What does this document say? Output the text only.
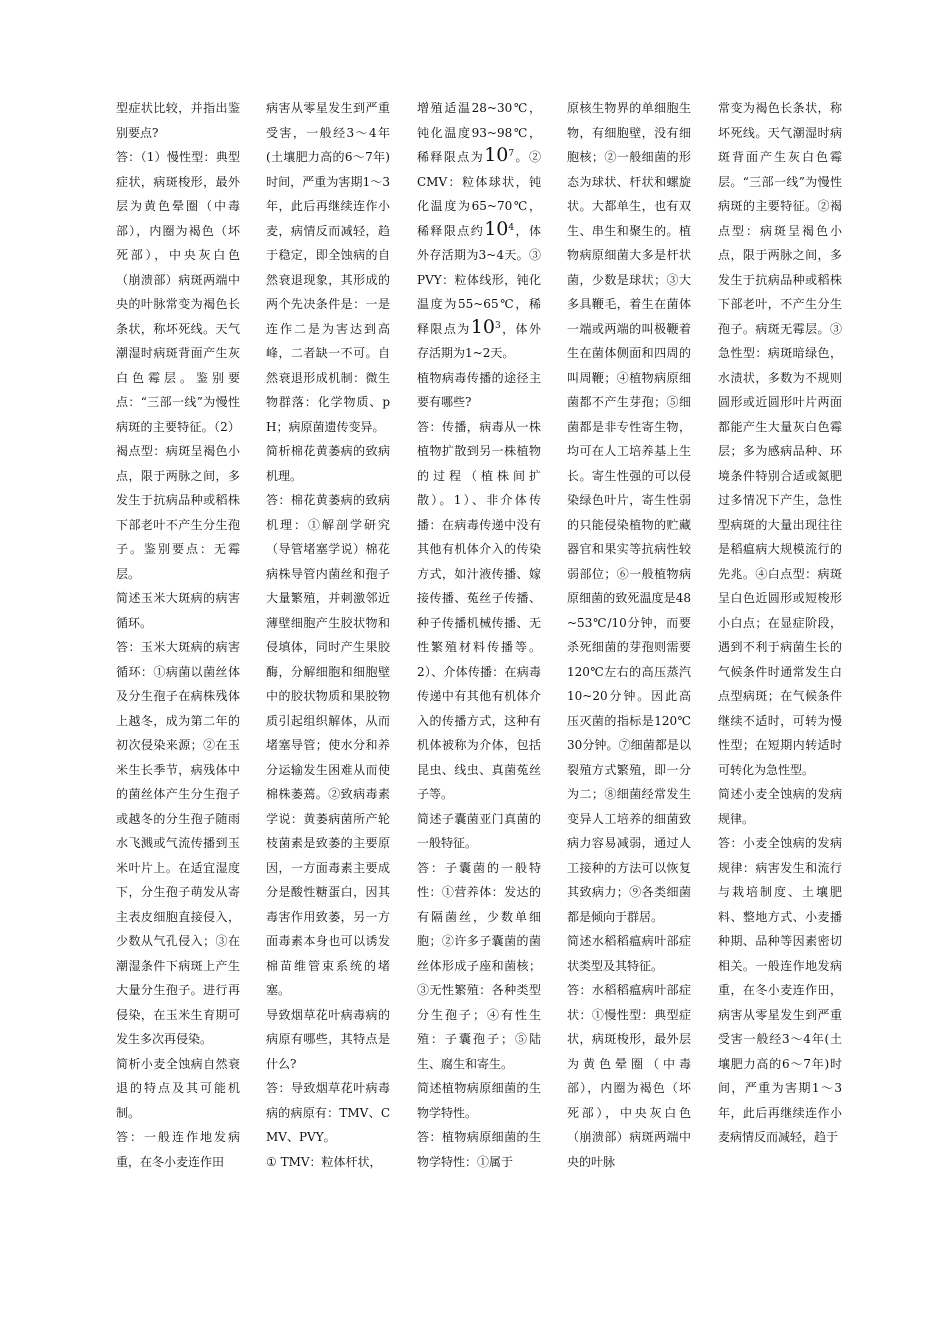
型症状比较，并指出鉴别要点?

答：（1）慢性型：典型症状，病斑梭形，最外层为黄色晕圈（中毒部），内圈为褐色（坏死部），中央灰白色（崩溃部）病斑两端中央的叶脉常变为褐色长条状，称坏死线。天气潮湿时病斑背面产生灰白色霉层。鉴别要点：“三部一线”为慢性病斑的主要特征。（2）褐点型：病斑呈褐色小点，限于两脉之间，多发生于抗病品种或稻株下部老叶不产生分生孢子。鉴别要点：无霉层。

简述玉米大斑病的病害循环。

答：玉米大斑病的病害循环：①病菌以菌丝体及分生孢子在病株残体上越冬，成为第二年的初次侵染来源；②在玉米生长季节，病残体中的菌丝体产生分生孢子或越冬的分生孢子随雨水飞溅或气流传播到玉米叶片上。在适宜湿度下，分生孢子萌发从寄主表皮细胞直接侵入，少数从气孔侵入；③在潮湿条件下病斑上产生大量分生孢子。进行再侵染，在玉米生育期可发生多次再侵染。

简析小麦全蚀病自然衰退的特点及其可能机制。

答：一般连作地发病重，在冬小麦连作田

病害从零星发生到严重受害，一般经3～4年(土壤肥力高的6～7年)时间，严重为害期1～3年，此后再继续连作小麦，病情反而减轻，趋于稳定，即全蚀病的自然衰退现象，其形成的两个先决条件是：一是连作二是为害达到高峰，二者缺一不可。自然衰退形成机制：微生物群落：化学物质、pH；病原菌遗传变异。

简析棉花黄萎病的致病机理。

答：棉花黄萎病的致病机理：①解剖学研究（导管堵塞学说）棉花病株导管内菌丝和孢子大量繁殖，并刺激邻近薄壁细胞产生胶状物和侵填体，同时产生果胶酶，分解细胞和细胞壁中的胶状物质和果胶物质引起组织解体，从而堵塞导管；使水分和养分运输发生困难从而使棉株萎蔫。②致病毒素学说：黄萎病菌所产轮枝菌素是致萎的主要原因，一方面毒素主要成分是酸性糖蛋白，因其毒害作用致萎，另一方面毒素本身也可以诱发棉苗维管束系统的堵塞。

导致烟草花叶病毒病的病原有哪些，其特点是什么?

答：导致烟草花叶病毒病的病原有：TMV、CMV、PVY。

① TMV：粒体杆状，

增殖适温28~30℃，钝化温度93~98℃，稀释限点为$10^7$。② CMV：粒体球状，钝化温度为65~70℃，稀释限点约$10^4$，体外存活期为3~4天。③ PVY：粒体线形，钝化温度为55~65℃，稀释限点为$10^3$，体外存活期为1~2天。

植物病毒传播的途径主要有哪些?

答：传播，病毒从一株植物扩散到另一株植物的过程（植株间扩散）。1）、非介体传播：在病毒传递中没有其他有机体介入的传染方式，如汁液传播、嫁接传播、菟丝子传播、种子传播机械传播、无性繁殖材料传播等。2）、介体传播：在病毒传递中有其他有机体介入的传播方式，这种有机体被称为介体，包括昆虫、线虫、真菌菟丝子等。

简述子囊菌亚门真菌的一般特征。

答：子囊菌的一般特性：①营养体：发达的有隔菌丝，少数单细胞；②许多子囊菌的菌丝体形成子座和菌核；③无性繁殖：各种类型分生孢子；④有性生殖：子囊孢子；⑤陆生、腐生和寄生。

简述植物病原细菌的生物学特性。

答：植物病原细菌的生物学特性：①属于

原核生物界的单细胞生物，有细胞壁，没有细胞核；②一般细菌的形态为球状、杆状和螺旋状。大都单生，也有双生、串生和聚生的。植物病原细菌大多是杆状菌，少数是球状；③大多具鞭毛，着生在菌体一端或两端的叫极鞭着生在菌体侧面和四周的叫周鞭；④植物病原细菌都不产生芽孢；⑤细菌都是非专性寄生物，均可在人工培养基上生长。寄生性强的可以侵染绿色叶片，寄生性弱的只能侵染植物的贮藏器官和果实等抗病性较弱部位；⑥一般植物病原细菌的致死温度是48~53℃/10分钟，而要杀死细菌的芽孢则需要120℃左右的高压蒸汽10~20分钟。因此高压灭菌的指标是120℃30分钟。⑦细菌都是以裂殖方式繁殖，即一分为二；⑧细菌经常发生变异人工培养的细菌致病力容易减弱，通过人工接种的方法可以恢复其致病力；⑨各类细菌都是倾向于群居。

简述水稻稻瘟病叶部症状类型及其特征。

答：水稻稻瘟病叶部症状：①慢性型：典型症状，病斑梭形，最外层为黄色晕圈（中毒部），内圈为褐色（坏死部），中央灰白色（崩溃部）病斑两端中央的叶脉

常变为褐色长条状，称坏死线。天气潮湿时病斑背面产生灰白色霉层。“三部一线”为慢性病斑的主要特征。②褐点型：病斑呈褐色小点，限于两脉之间，多发生于抗病品种或稻株下部老叶，不产生分生孢子。病斑无霉层。③急性型：病斑暗绿色，水渍状，多数为不规则圆形或近圆形叶片两面都能产生大量灰白色霉层；多为感病品种、环境条件特别合适或氮肥过多情况下产生，急性型病斑的大量出现往往是稻瘟病大规模流行的先兆。④白点型：病斑呈白色近圆形或短梭形小白点；在显症阶段，遇到不利于病菌生长的气候条件时通常发生白点型病斑；在气候条件继续不适时，可转为慢性型；在短期内转适时可转化为急性型。

简述小麦全蚀病的发病规律。

答：小麦全蚀病的发病规律：病害发生和流行与栽培制度、土壤肥料、整地方式、小麦播种期、品种等因素密切相关。一般连作地发病重，在冬小麦连作田，病害从零星发生到严重受害一般经3～4年(土壤肥力高的6～7年)时间，严重为害期1～3年，此后再继续连作小麦病情反而减轻，趋于
